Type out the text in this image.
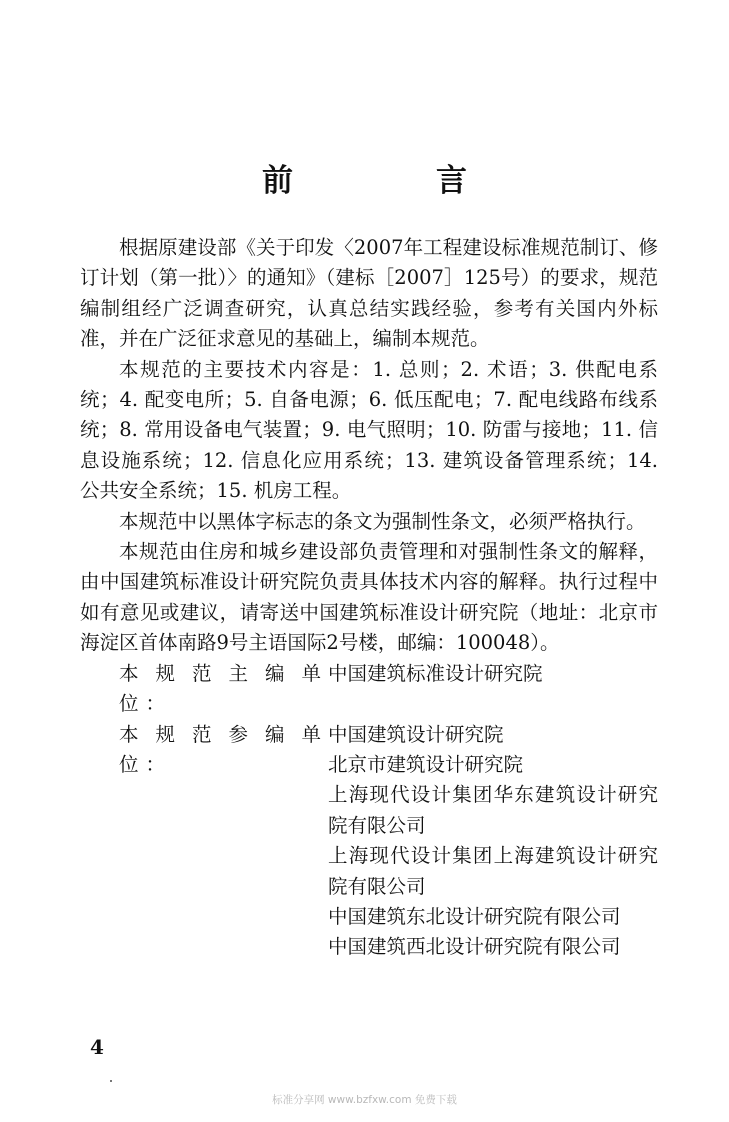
前　言

根据原建设部《关于印发〈2007年工程建设标准规范制订、修订计划（第一批）〉的通知》（建标［2007］125号）的要求，规范编制组经广泛调查研究，认真总结实践经验，参考有关国内外标准，并在广泛征求意见的基础上，编制本规范。

本规范的主要技术内容是：1. 总则；2. 术语；3. 供配电系统；4. 配变电所；5. 自备电源；6. 低压配电；7. 配电线路布线系统；8. 常用设备电气装置；9. 电气照明；10. 防雷与接地；11. 信息设施系统；12. 信息化应用系统；13. 建筑设备管理系统；14. 公共安全系统；15. 机房工程。

本规范中以黑体字标志的条文为强制性条文，必须严格执行。

本规范由住房和城乡建设部负责管理和对强制性条文的解释，由中国建筑标准设计研究院负责具体技术内容的解释。执行过程中如有意见或建议，请寄送中国建筑标准设计研究院（地址：北京市海淀区首体南路9号主语国际2号楼，邮编：100048）。

本规范主编单位：
中国建筑标准设计研究院
本规范参编单位：
中国建筑设计研究院
北京市建筑设计研究院
上海现代设计集团华东建筑设计研究院有限公司
上海现代设计集团上海建筑设计研究院有限公司
中国建筑东北设计研究院有限公司
中国建筑西北设计研究院有限公司
4
标准分享网 www.bzfxw.com 免费下载
